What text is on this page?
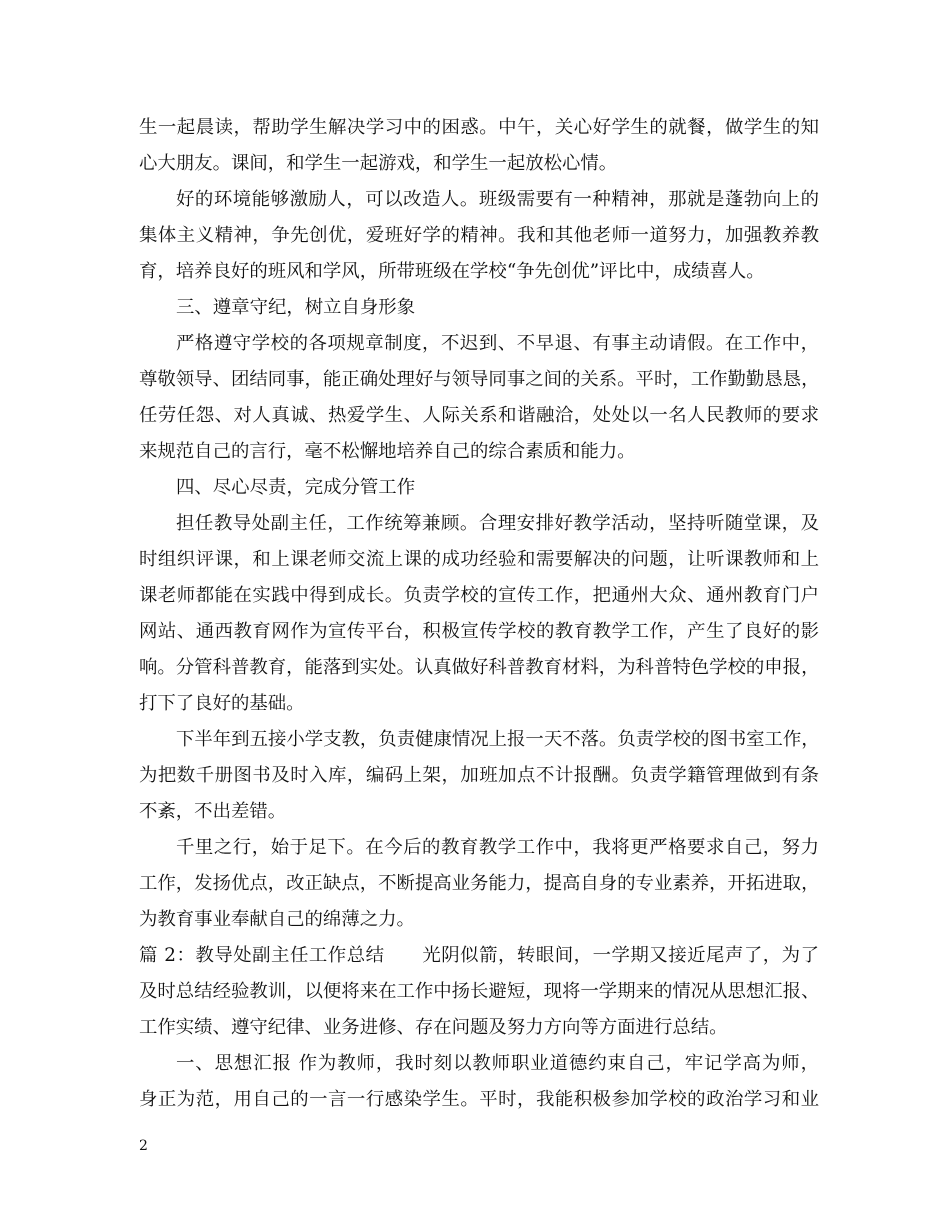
生一起晨读，帮助学生解决学习中的困惑。中午，关心好学生的就餐，做学生的知
心大朋友。课间，和学生一起游戏，和学生一起放松心情。
好的环境能够激励人，可以改造人。班级需要有一种精神，那就是蓬勃向上的
集体主义精神，争先创优，爱班好学的精神。我和其他老师一道努力，加强教养教
育，培养良好的班风和学风，所带班级在学校“争先创优”评比中，成绩喜人。
三、遵章守纪，树立自身形象
严格遵守学校的各项规章制度，不迟到、不早退、有事主动请假。在工作中，
尊敬领导、团结同事，能正确处理好与领导同事之间的关系。平时，工作勤勤恳恳，
任劳任怨、对人真诚、热爱学生、人际关系和谐融洽，处处以一名人民教师的要求
来规范自己的言行，毫不松懈地培养自己的综合素质和能力。
四、尽心尽责，完成分管工作
担任教导处副主任，工作统筹兼顾。合理安排好教学活动，坚持听随堂课，及
时组织评课，和上课老师交流上课的成功经验和需要解决的问题，让听课教师和上
课老师都能在实践中得到成长。负责学校的宣传工作，把通州大众、通州教育门户
网站、通西教育网作为宣传平台，积极宣传学校的教育教学工作，产生了良好的影
响。分管科普教育，能落到实处。认真做好科普教育材料，为科普特色学校的申报，
打下了良好的基础。
下半年到五接小学支教，负责健康情况上报一天不落。负责学校的图书室工作，
为把数千册图书及时入库，编码上架，加班加点不计报酬。负责学籍管理做到有条
不紊，不出差错。
千里之行，始于足下。在今后的教育教学工作中，我将更严格要求自己，努力
工作，发扬优点，改正缺点，不断提高业务能力，提高自身的专业素养，开拓进取，
为教育事业奉献自己的绵薄之力。
篇 2：教导处副主任工作总结　　光阴似箭，转眼间，一学期又接近尾声了，为了
及时总结经验教训，以便将来在工作中扬长避短，现将一学期来的情况从思想汇报、
工作实绩、遵守纪律、业务进修、存在问题及努力方向等方面进行总结。
一、思想汇报 作为教师，我时刻以教师职业道德约束自己，牢记学高为师，
身正为范，用自己的一言一行感染学生。平时，我能积极参加学校的政治学习和业
2
